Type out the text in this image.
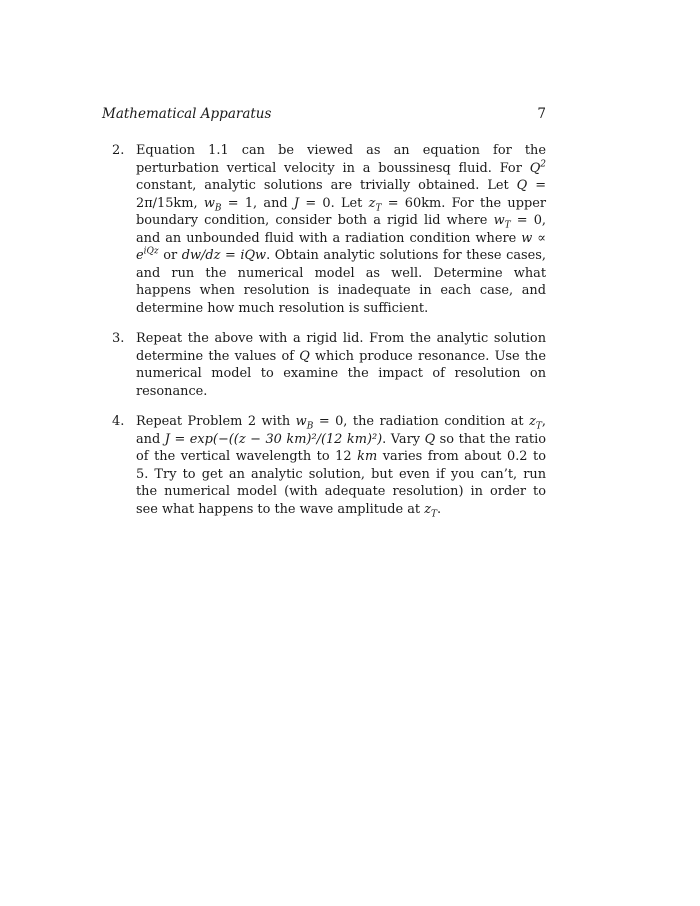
Mathematical Apparatus	7
2. Equation 1.1 can be viewed as an equation for the perturbation vertical velocity in a boussinesq fluid. For $Q^2$ constant, analytic solutions are trivially obtained. Let Q = 2π/15km, $w_B = 1$, and J = 0. Let $z_T = 60km$. For the upper boundary condition, consider both a rigid lid where $w_T = 0$, and an unbounded fluid with a radiation condition where $w \propto e^{iQz}$ or dw/dz = iQw. Obtain analytic solutions for these cases, and run the numerical model as well. Determine what happens when resolution is inadequate in each case, and determine how much resolution is sufficient.

3. Repeat the above with a rigid lid. From the analytic solution determine the values of Q which produce resonance. Use the numerical model to examine the impact of resolution on resonance.

4. Repeat Problem 2 with $w_B = 0$, the radiation condition at $z_T$, and J = exp(−((z − 30 km)²/(12 km)²). Vary Q so that the ratio of the vertical wavelength to 12 km varies from about 0.2 to 5. Try to get an analytic solution, but even if you can’t, run the numerical model (with adequate resolution) in order to see what happens to the wave amplitude at $z_T$.
